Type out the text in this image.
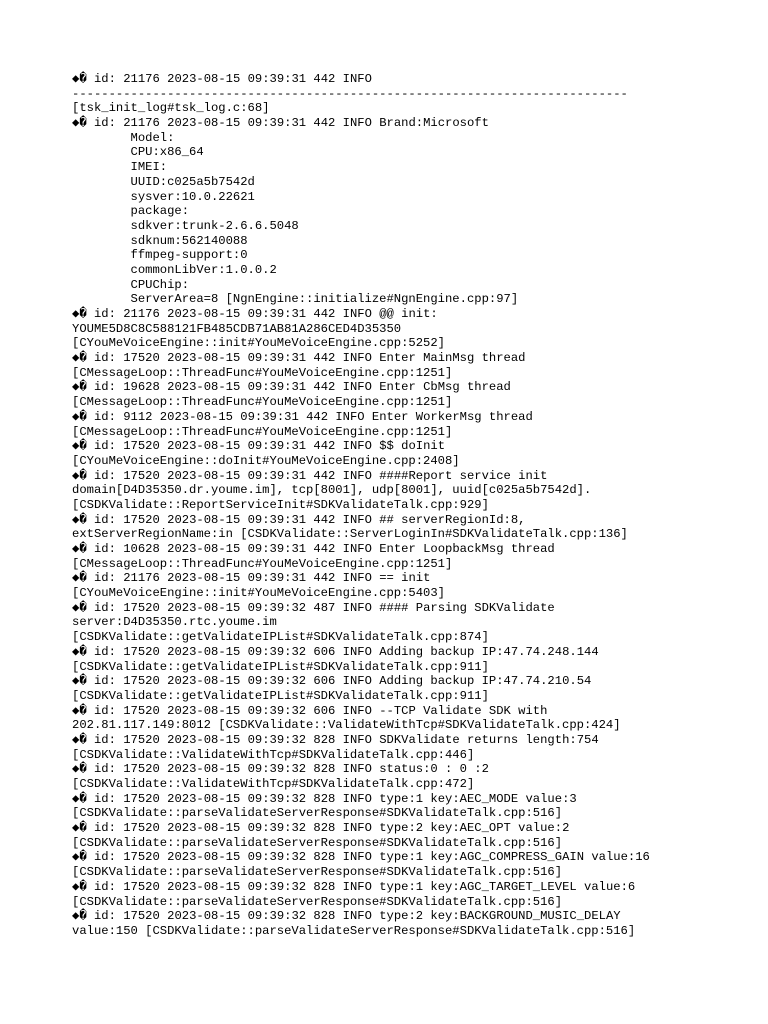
◆� id: 21176 2023-08-15 09:39:31 442 INFO
----------------------------------------------------------------------------
[tsk_init_log#tsk_log.c:68]
◆� id: 21176 2023-08-15 09:39:31 442 INFO Brand:Microsoft
Model:
CPU:x86_64
IMEI:
UUID:c025a5b7542d
sysver:10.0.22621
package:
sdkver:trunk-2.6.6.5048
sdknum:562140088
ffmpeg-support:0
commonLibVer:1.0.0.2
CPUChip:
ServerArea=8 [NgnEngine::initialize#NgnEngine.cpp:97]
◆� id: 21176 2023-08-15 09:39:31 442 INFO @@ init:
YOUME5D8C8C588121FB485CDB71AB81A286CED4D35350
[CYouMeVoiceEngine::init#YouMeVoiceEngine.cpp:5252]
◆� id: 17520 2023-08-15 09:39:31 442 INFO Enter MainMsg thread
[CMessageLoop::ThreadFunc#YouMeVoiceEngine.cpp:1251]
◆� id: 19628 2023-08-15 09:39:31 442 INFO Enter CbMsg thread
[CMessageLoop::ThreadFunc#YouMeVoiceEngine.cpp:1251]
◆� id: 9112 2023-08-15 09:39:31 442 INFO Enter WorkerMsg thread
[CMessageLoop::ThreadFunc#YouMeVoiceEngine.cpp:1251]
◆� id: 17520 2023-08-15 09:39:31 442 INFO $$ doInit
[CYouMeVoiceEngine::doInit#YouMeVoiceEngine.cpp:2408]
◆� id: 17520 2023-08-15 09:39:31 442 INFO ####Report service init
domain[D4D35350.dr.youme.im], tcp[8001], udp[8001], uuid[c025a5b7542d].
[CSDKValidate::ReportServiceInit#SDKValidateTalk.cpp:929]
◆� id: 17520 2023-08-15 09:39:31 442 INFO ## serverRegionId:8,
extServerRegionName:in [CSDKValidate::ServerLoginIn#SDKValidateTalk.cpp:136]
◆� id: 10628 2023-08-15 09:39:31 442 INFO Enter LoopbackMsg thread
[CMessageLoop::ThreadFunc#YouMeVoiceEngine.cpp:1251]
◆� id: 21176 2023-08-15 09:39:31 442 INFO == init
[CYouMeVoiceEngine::init#YouMeVoiceEngine.cpp:5403]
◆� id: 17520 2023-08-15 09:39:32 487 INFO #### Parsing SDKValidate
server:D4D35350.rtc.youme.im
[CSDKValidate::getValidateIPList#SDKValidateTalk.cpp:874]
◆� id: 17520 2023-08-15 09:39:32 606 INFO Adding backup IP:47.74.248.144
[CSDKValidate::getValidateIPList#SDKValidateTalk.cpp:911]
◆� id: 17520 2023-08-15 09:39:32 606 INFO Adding backup IP:47.74.210.54
[CSDKValidate::getValidateIPList#SDKValidateTalk.cpp:911]
◆� id: 17520 2023-08-15 09:39:32 606 INFO --TCP Validate SDK with
202.81.117.149:8012 [CSDKValidate::ValidateWithTcp#SDKValidateTalk.cpp:424]
◆� id: 17520 2023-08-15 09:39:32 828 INFO SDKValidate returns length:754
[CSDKValidate::ValidateWithTcp#SDKValidateTalk.cpp:446]
◆� id: 17520 2023-08-15 09:39:32 828 INFO status:0 : 0 :2
[CSDKValidate::ValidateWithTcp#SDKValidateTalk.cpp:472]
◆� id: 17520 2023-08-15 09:39:32 828 INFO type:1 key:AEC_MODE value:3
[CSDKValidate::parseValidateServerResponse#SDKValidateTalk.cpp:516]
◆� id: 17520 2023-08-15 09:39:32 828 INFO type:2 key:AEC_OPT value:2
[CSDKValidate::parseValidateServerResponse#SDKValidateTalk.cpp:516]
◆� id: 17520 2023-08-15 09:39:32 828 INFO type:1 key:AGC_COMPRESS_GAIN value:16
[CSDKValidate::parseValidateServerResponse#SDKValidateTalk.cpp:516]
◆� id: 17520 2023-08-15 09:39:32 828 INFO type:1 key:AGC_TARGET_LEVEL value:6
[CSDKValidate::parseValidateServerResponse#SDKValidateTalk.cpp:516]
◆� id: 17520 2023-08-15 09:39:32 828 INFO type:2 key:BACKGROUND_MUSIC_DELAY
value:150 [CSDKValidate::parseValidateServerResponse#SDKValidateTalk.cpp:516]
